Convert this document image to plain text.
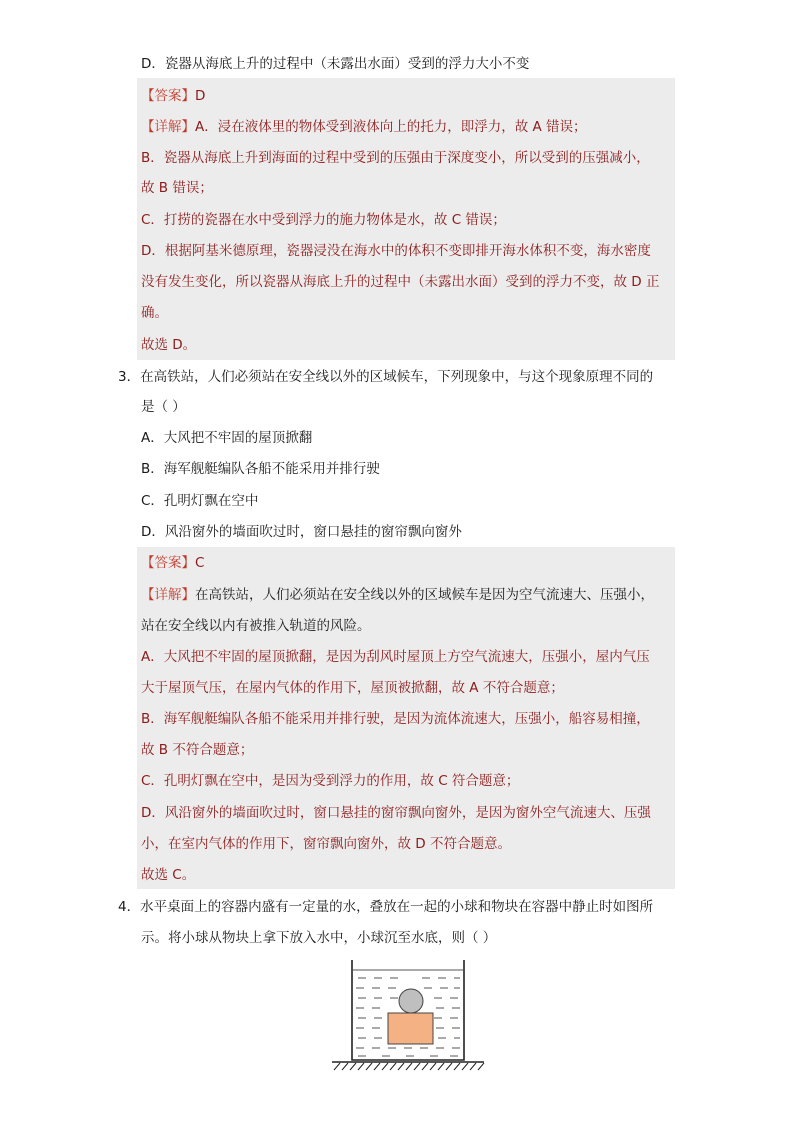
D．瓷器从海底上升的过程中（未露出水面）受到的浮力大小不变
【答案】D
【详解】A．浸在液体里的物体受到液体向上的托力，即浮力，故 A 错误；
B．瓷器从海底上升到海面的过程中受到的压强由于深度变小，所以受到的压强减小，
故 B 错误；
C．打捞的瓷器在水中受到浮力的施力物体是水，故 C 错误；
D．根据阿基米德原理，瓷器浸没在海水中的体积不变即排开海水体积不变，海水密度
没有发生变化，所以瓷器从海底上升的过程中（未露出水面）受到的浮力不变，故 D 正
确。
故选 D。
3．在高铁站，人们必须站在安全线以外的区域候车，下列现象中，与这个现象原理不同的
是（ ）
A．大风把不牢固的屋顶掀翻
B．海军舰艇编队各船不能采用并排行驶
C．孔明灯飘在空中
D．风沿窗外的墙面吹过时，窗口悬挂的窗帘飘向窗外
【答案】C
【详解】在高铁站，人们必须站在安全线以外的区域候车是因为空气流速大、压强小，
站在安全线以内有被推入轨道的风险。
A．大风把不牢固的屋顶掀翻，是因为刮风时屋顶上方空气流速大，压强小，屋内气压
大于屋顶气压，在屋内气体的作用下，屋顶被掀翻，故 A 不符合题意；
B．海军舰艇编队各船不能采用并排行驶，是因为流体流速大，压强小，船容易相撞，
故 B 不符合题意；
C．孔明灯飘在空中，是因为受到浮力的作用，故 C 符合题意；
D．风沿窗外的墙面吹过时，窗口悬挂的窗帘飘向窗外，是因为窗外空气流速大、压强
小，在室内气体的作用下，窗帘飘向窗外，故 D 不符合题意。
故选 C。
4．水平桌面上的容器内盛有一定量的水，叠放在一起的小球和物块在容器中静止时如图所
示。将小球从物块上拿下放入水中，小球沉至水底，则（ ）
